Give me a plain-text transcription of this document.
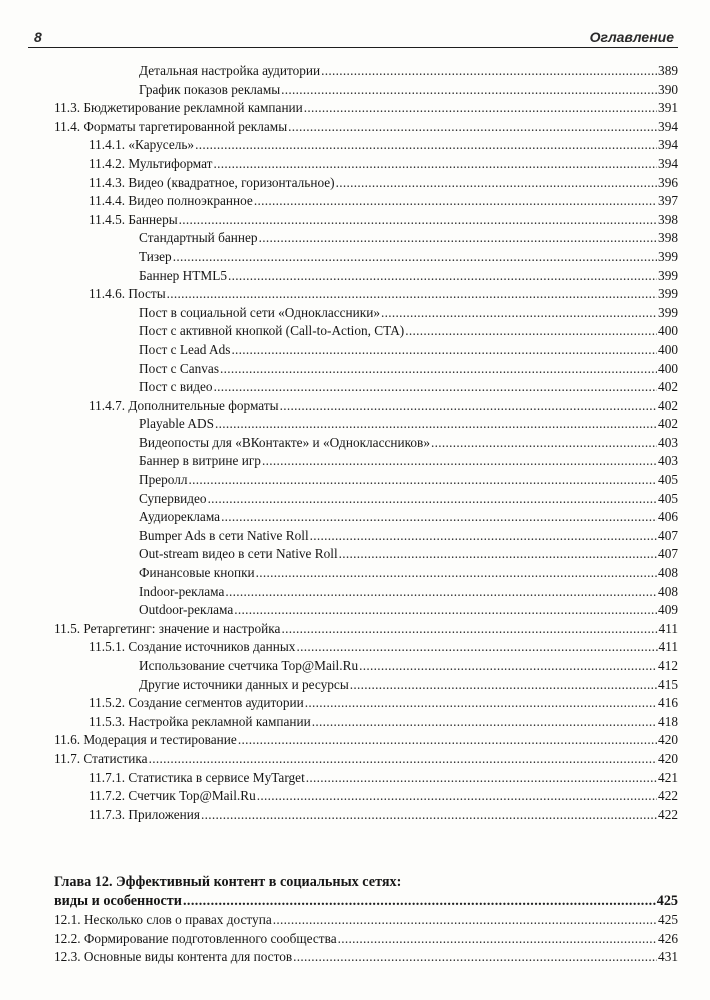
8	Оглавление
Детальная настройка аудитории .....	389
График показов рекламы .....	390
11.3. Бюджетирование рекламной кампании .....	391
11.4. Форматы таргетированной рекламы .....	394
11.4.1. «Карусель» .....	394
11.4.2. Мультиформат .....	394
11.4.3. Видео (квадратное, горизонтальное) .....	396
11.4.4. Видео полноэкранное .....	397
11.4.5. Баннеры .....	398
Стандартный баннер .....	398
Тизер .....	399
Баннер HTML5 .....	399
11.4.6. Посты .....	399
Пост в социальной сети «Одноклассники» .....	399
Пост с активной кнопкой (Call-to-Action, CTA) .....	400
Пост с Lead Ads .....	400
Пост с Canvas .....	400
Пост с видео .....	402
11.4.7. Дополнительные форматы .....	402
Playable ADS .....	402
Видеопосты для «ВКонтакте» и «Одноклассников» .....	403
Баннер в витрине игр .....	403
Преролл .....	405
Супервидео .....	405
Аудиореклама .....	406
Bumper Ads в сети Native Roll .....	407
Out-stream видео в сети Native Roll .....	407
Финансовые кнопки .....	408
Indoor-реклама .....	408
Outdoor-реклама .....	409
11.5. Ретаргетинг: значение и настройка .....	411
11.5.1. Создание источников данных .....	411
Использование счетчика Top@Mail.Ru .....	412
Другие источники данных и ресурсы .....	415
11.5.2. Создание сегментов аудитории .....	416
11.5.3. Настройка рекламной кампании .....	418
11.6. Модерация и тестирование .....	420
11.7. Статистика .....	420
11.7.1. Статистика в сервисе MyTarget .....	421
11.7.2. Счетчик Top@Mail.Ru .....	422
11.7.3. Приложения .....	422
Глава 12. Эффективный контент в социальных сетях:
виды и особенности .....	425
12.1. Несколько слов о правах доступа .....	425
12.2. Формирование подготовленного сообщества .....	426
12.3. Основные виды контента для постов .....	431
